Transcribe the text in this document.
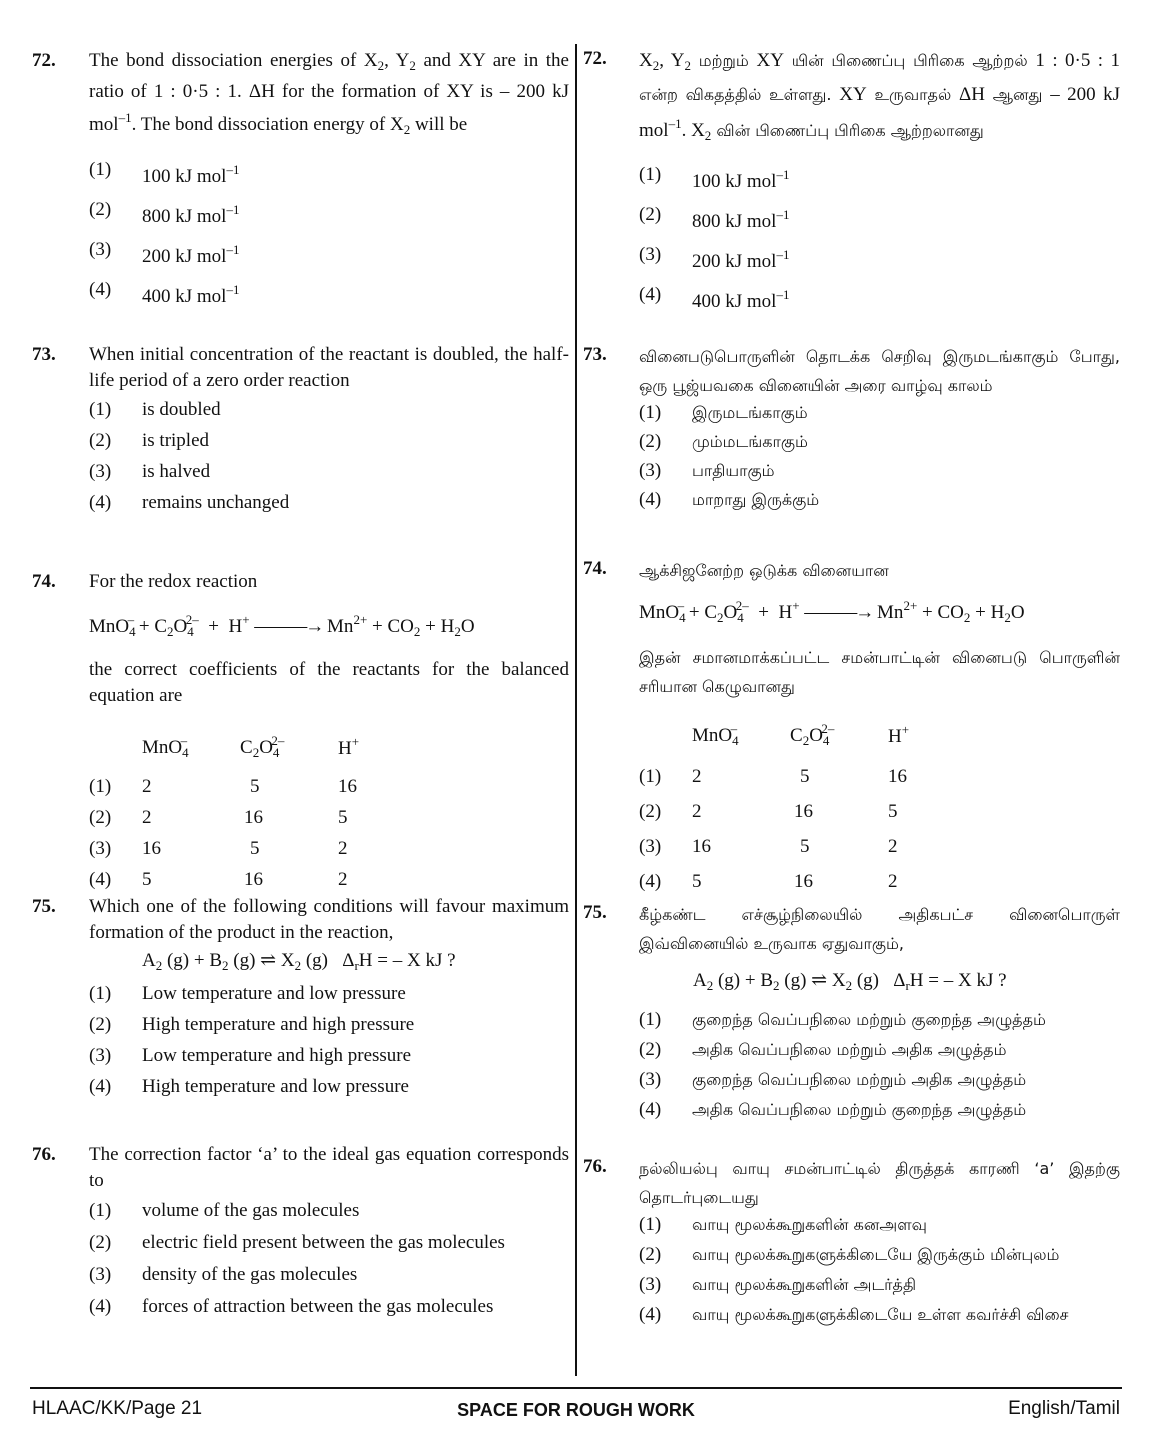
72. The bond dissociation energies of $X_2$, $Y_2$ and XY are in the ratio of 1 : 0·5 : 1. ΔH for the formation of XY is – 200 kJ mol$^{-1}$. The bond dissociation energy of $X_2$ will be
(1) 100 kJ mol$^{-1}$
(2) 800 kJ mol$^{-1}$
(3) 200 kJ mol$^{-1}$
(4) 400 kJ mol$^{-1}$
73. When initial concentration of the reactant is doubled, the half-life period of a zero order reaction
(1) is doubled
(2) is tripled
(3) is halved
(4) remains unchanged
74. For the redox reaction
$MnO_4^- + C_2O_4^{2-} + H^+$ ———→ $Mn^{2+} + CO_2 + H_2O$
the correct coefficients of the reactants for the balanced equation are
	MnO$_4$–	$C_2O_4^{2-}$	H+
(1)	2	5	16
(2)	2	16	5
(3)	16	5	2
(4)	5	16	2
75. Which one of the following conditions will favour maximum formation of the product in the reaction,
$A_2$ $(g) + B_2$ (g) ⇌ $X_2$ (g)   $\Delta_rH$ = – X kJ ?
(1) Low temperature and low pressure
(2) High temperature and high pressure
(3) Low temperature and high pressure
(4) High temperature and low pressure
76. The correction factor ‘a’ to the ideal gas equation corresponds to
(1) volume of the gas molecules
(2) electric field present between the gas molecules
(3) density of the gas molecules
(4) forces of attraction between the gas molecules
72. $X_2$, $Y_2$ மற்றும் XY யின் பிணைப்பு பிரிகை ஆற்றல் 1 : 0·5 : 1 என்ற விகதத்தில் உள்ளது. XY உருவாதல் ΔH ஆனது – 200 kJ mol$^{-1}$. $X_2$ வின் பிணைப்பு பிரிகை ஆற்றலானது
(1) 100 kJ mol$^{-1}$
(2) 800 kJ mol$^{-1}$
(3) 200 kJ mol$^{-1}$
(4) 400 kJ mol$^{-1}$
73. வினைபடுபொருளின் தொடக்க செறிவு இருமடங்காகும் போது, ஒரு பூஜ்யவகை வினையின் அரை வாழ்வு காலம்
(1) இருமடங்காகும்
(2) மும்மடங்காகும்
(3) பாதியாகும்
(4) மாறாது இருக்கும்
74. ஆக்சிஜனேற்ற ஒடுக்க வினையான
$MnO_4^- + C_2O_4^{2-} + H^+$ ———→ $Mn^{2+} + CO_2 + H_2O$
இதன் சமானமாக்கப்பட்ட சமன்பாட்டின் வினைபடு பொருளின் சரியான கெழுவானது
	MnO$_4$–	$C_2O_4^{2-}$	H+
(1)	2	5	16
(2)	2	16	5
(3)	16	5	2
(4)	5	16	2
75. கீழ்கண்ட எச்சூழ்நிலையில் அதிகபட்ச வினைபொருள் இவ்வினையில் உருவாக ஏதுவாகும்,
$A_2$ $(g) + B_2$ (g) ⇌ $X_2$ (g)   $\Delta_rH$ = – X kJ ?
(1) குறைந்த வெப்பநிலை மற்றும் குறைந்த அழுத்தம்
(2) அதிக வெப்பநிலை மற்றும் அதிக அழுத்தம்
(3) குறைந்த வெப்பநிலை மற்றும் அதிக அழுத்தம்
(4) அதிக வெப்பநிலை மற்றும் குறைந்த அழுத்தம்
76. நல்லியல்பு வாயு சமன்பாட்டில் திருத்தக் காரணி ‘a’ இதற்கு தொடர்புடையது
(1) வாயு மூலக்கூறுகளின் கனஅளவு
(2) வாயு மூலக்கூறுகளுக்கிடையே இருக்கும் மின்புலம்
(3) வாயு மூலக்கூறுகளின் அடர்த்தி
(4) வாயு மூலக்கூறுகளுக்கிடையே உள்ள கவர்ச்சி விசை
HLAAC/KK/Page 21	SPACE FOR ROUGH WORK	English/Tamil
